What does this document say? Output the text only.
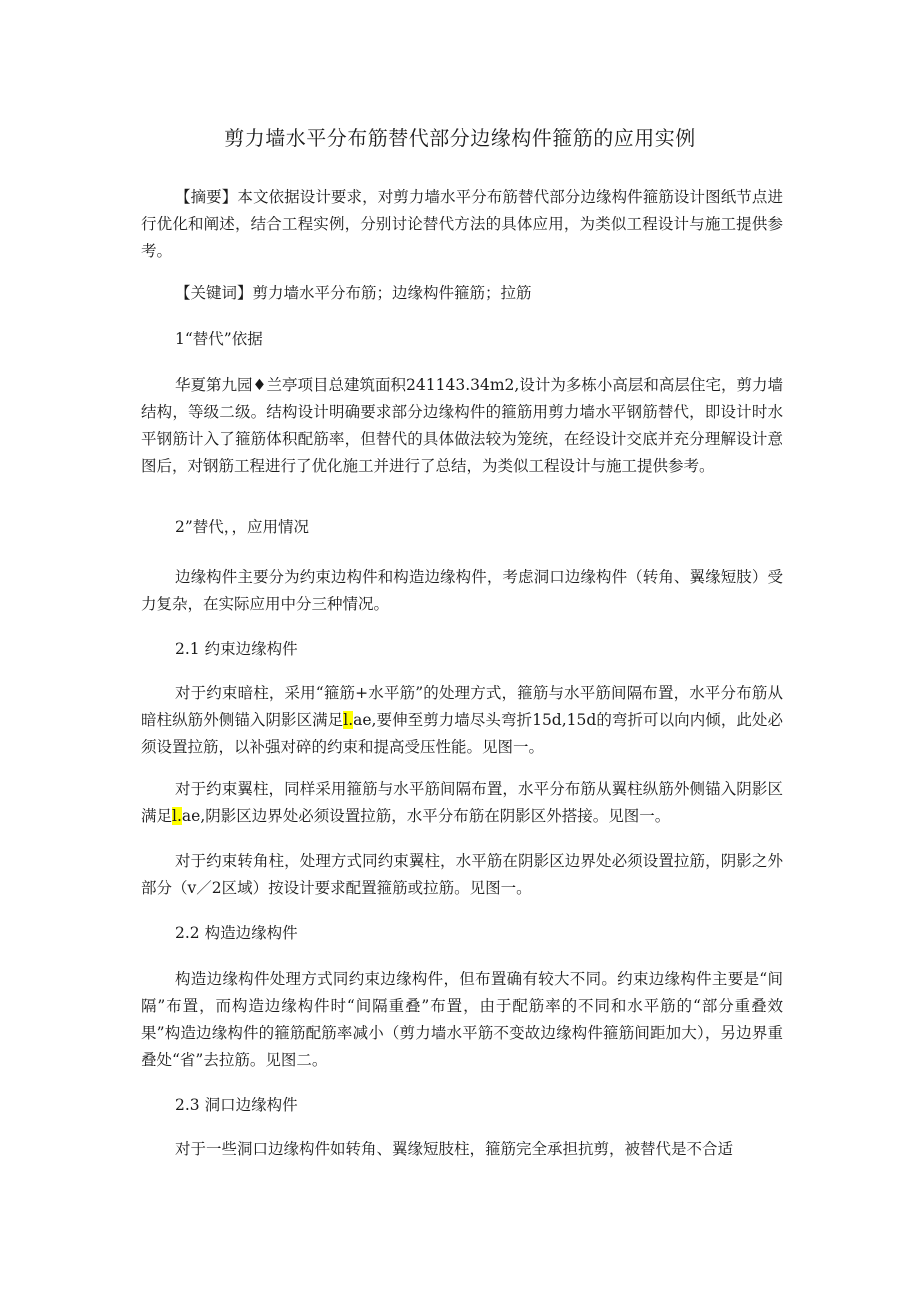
剪力墙水平分布筋替代部分边缘构件箍筋的应用实例

【摘要】本文依据设计要求，对剪力墙水平分布筋替代部分边缘构件箍筋设计图纸节点进行优化和阐述，结合工程实例，分别讨论替代方法的具体应用，为类似工程设计与施工提供参考。

【关键词】剪力墙水平分布筋；边缘构件箍筋；拉筋

1“替代”依据

华夏第九园♦兰亭项目总建筑面积241143.34m2,设计为多栋小高层和高层住宅，剪力墙结构，等级二级。结构设计明确要求部分边缘构件的箍筋用剪力墙水平钢筋替代，即设计时水平钢筋计入了箍筋体积配筋率，但替代的具体做法较为笼统，在经设计交底并充分理解设计意图后，对钢筋工程进行了优化施工并进行了总结，为类似工程设计与施工提供参考。

2”替代，，应用情况

边缘构件主要分为约束边构件和构造边缘构件，考虑洞口边缘构件（转角、翼缘短肢）受力复杂，在实际应用中分三种情况。

2.1 约束边缘构件

对于约束暗柱，采用“箍筋+水平筋”的处理方式，箍筋与水平筋间隔布置，水平分布筋从暗柱纵筋外侧锚入阴影区满足l.ae,要伸至剪力墙尽头弯折15d,15d的弯折可以向内倾，此处必须设置拉筋，以补强对碎的约束和提高受压性能。见图一。

对于约束翼柱，同样采用箍筋与水平筋间隔布置，水平分布筋从翼柱纵筋外侧锚入阴影区满足l.ae,阴影区边界处必须设置拉筋，水平分布筋在阴影区外搭接。见图一。

对于约束转角柱，处理方式同约束翼柱，水平筋在阴影区边界处必须设置拉筋，阴影之外部分（v／2区域）按设计要求配置箍筋或拉筋。见图一。

2.2 构造边缘构件

构造边缘构件处理方式同约束边缘构件，但布置确有较大不同。约束边缘构件主要是“间隔”布置，而构造边缘构件时“间隔重叠”布置，由于配筋率的不同和水平筋的“部分重叠效果”构造边缘构件的箍筋配筋率减小（剪力墙水平筋不变故边缘构件箍筋间距加大），另边界重叠处“省”去拉筋。见图二。

2.3 洞口边缘构件

对于一些洞口边缘构件如转角、翼缘短肢柱，箍筋完全承担抗剪，被替代是不合适
